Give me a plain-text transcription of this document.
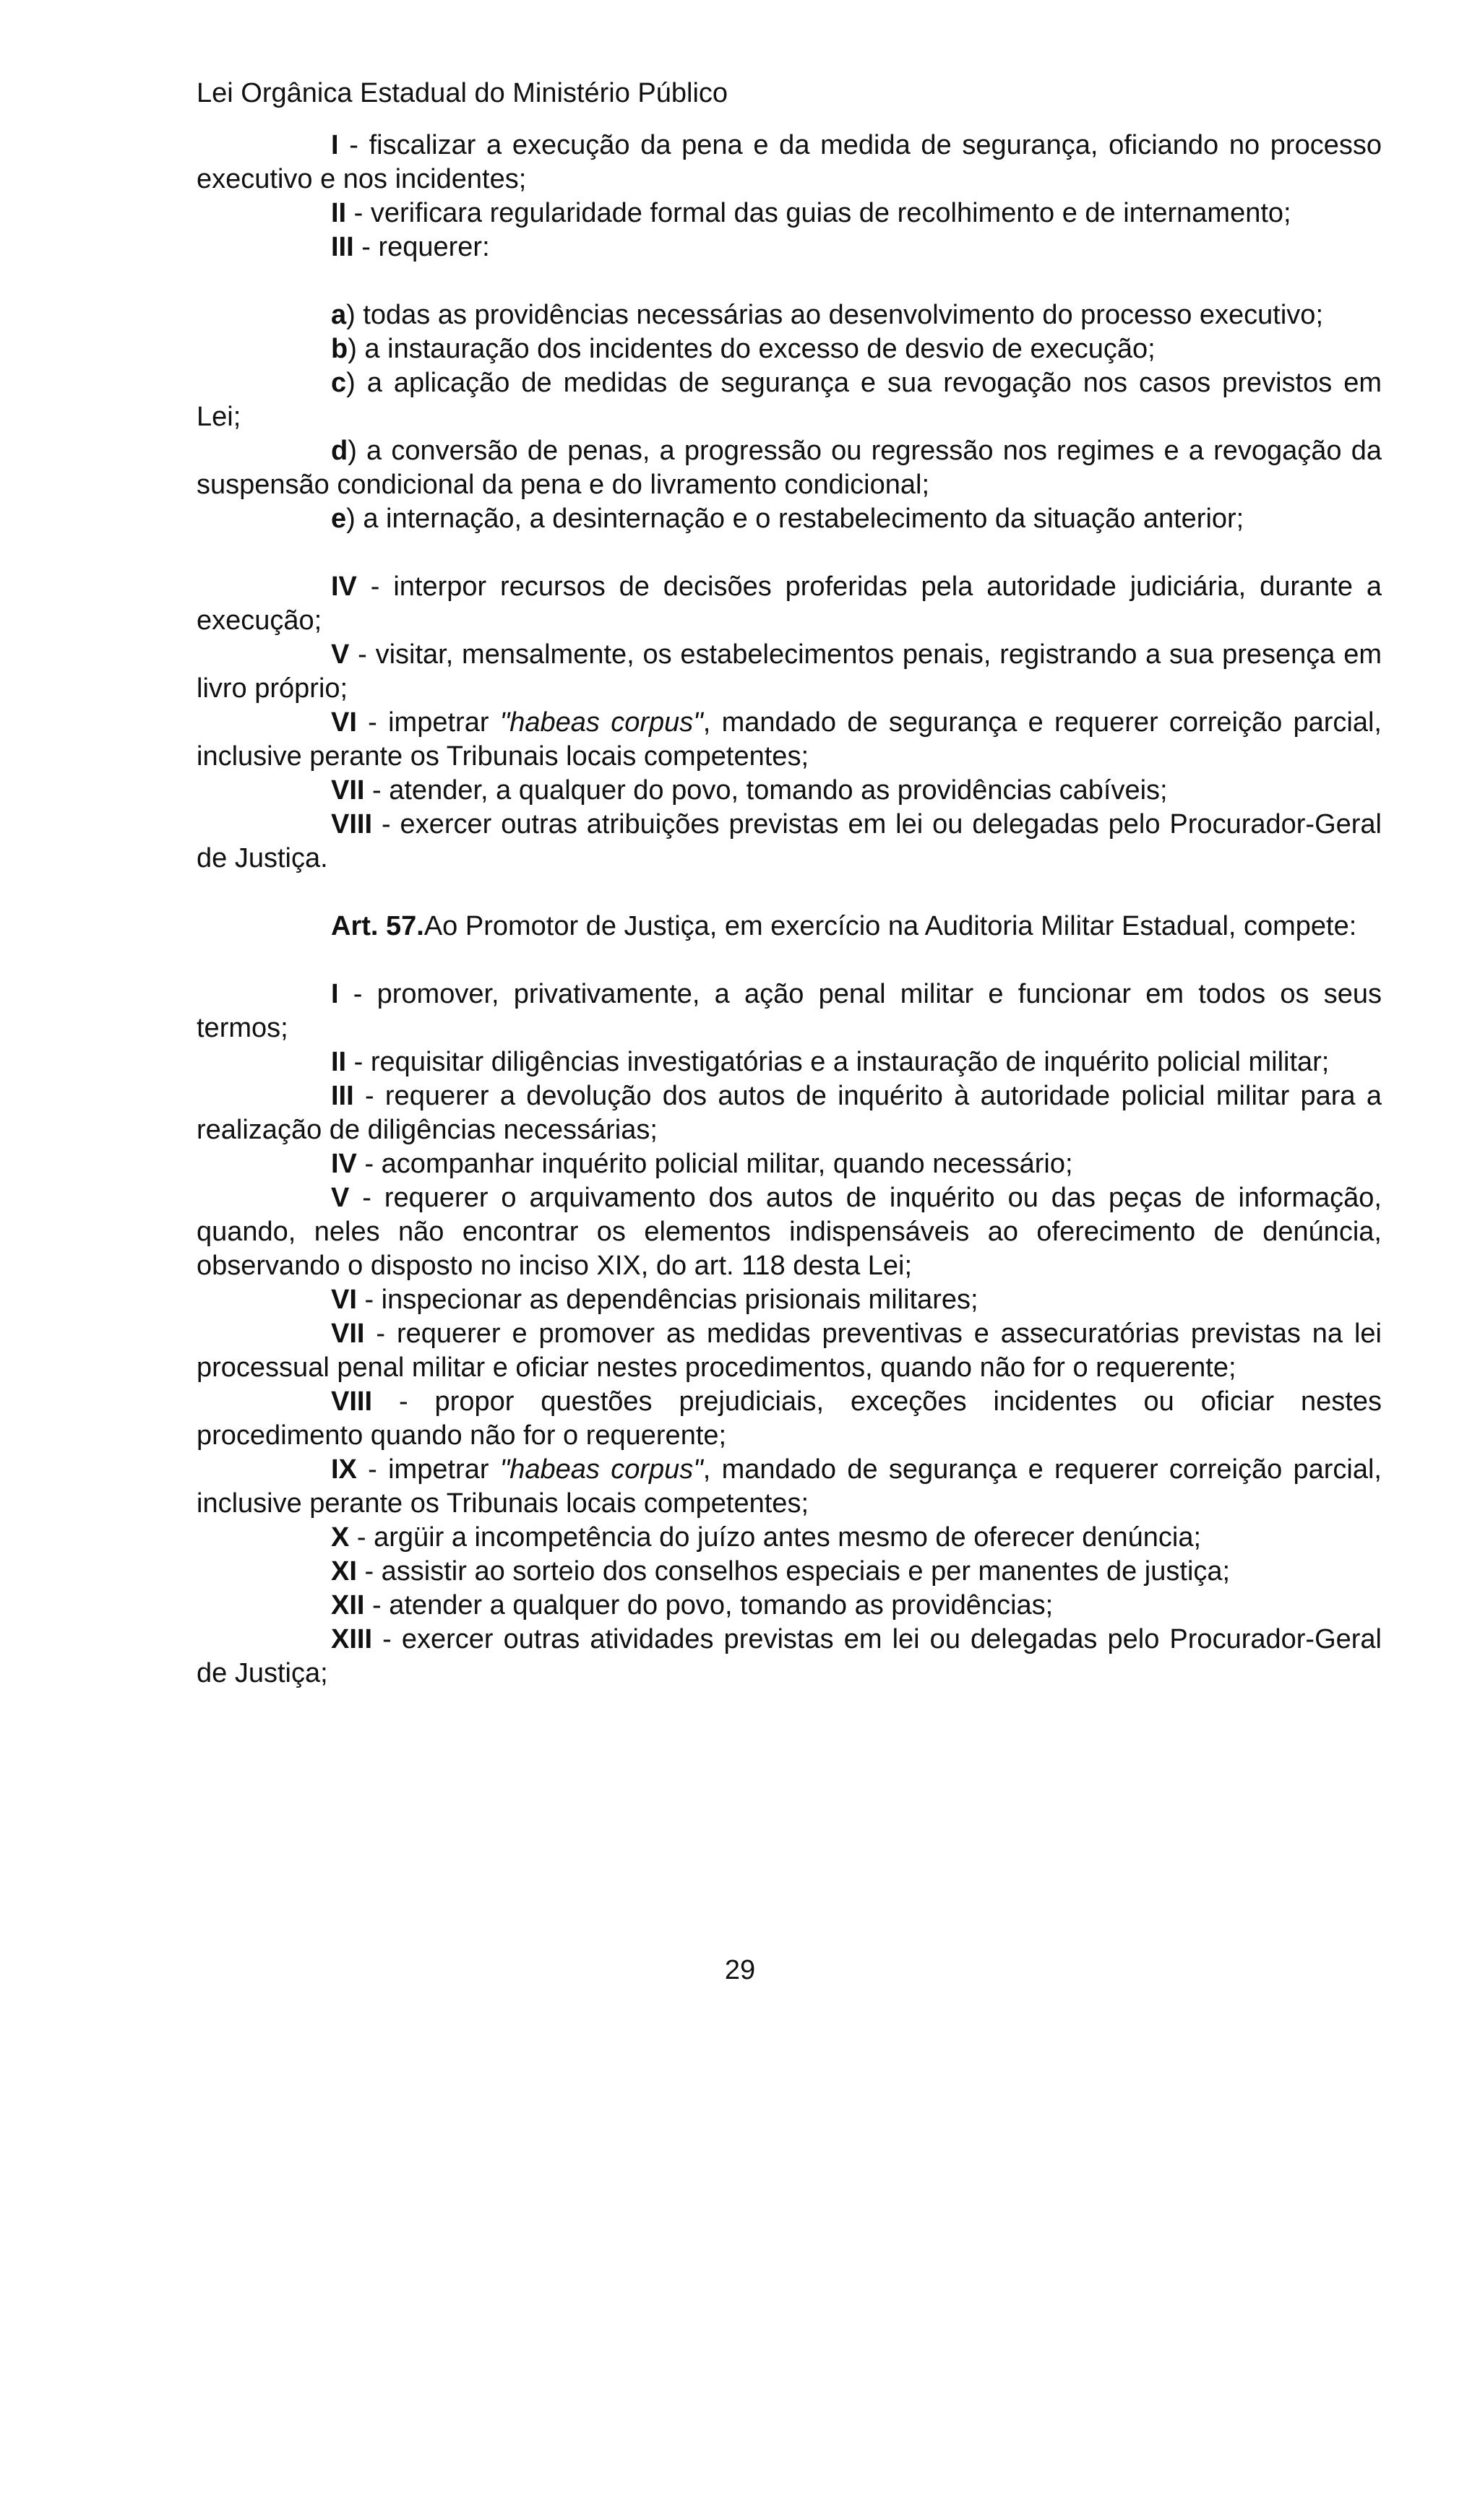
Lei Orgânica Estadual do Ministério Público

I - fiscalizar a execução da pena e da medida de segurança, oficiando no processo executivo e nos incidentes;

II - verificara regularidade formal das guias de recolhimento e de internamento;

III - requerer:

a) todas as providências necessárias ao desenvolvimento do processo executivo;

b) a instauração dos incidentes do excesso de desvio de execução;

c) a aplicação de medidas de segurança e sua revogação nos casos previstos em Lei;

d) a conversão de penas, a progressão ou regressão nos regimes e a revogação da suspensão condicional da pena e do livramento condicional;

e) a internação, a desinternação e o restabelecimento da situação anterior;

IV - interpor recursos de decisões proferidas pela autoridade judiciária, durante a execução;

V - visitar, mensalmente, os estabelecimentos penais, registrando a sua presença em livro próprio;

VI - impetrar "habeas corpus", mandado de segurança e requerer correição parcial, inclusive perante os Tribunais locais competentes;

VII - atender, a qualquer do povo, tomando as providências cabíveis;

VIII - exercer outras atribuições previstas em lei ou delegadas pelo Procurador-Geral de Justiça.

Art. 57.Ao Promotor de Justiça, em exercício na Auditoria Militar Estadual, compete:

I - promover, privativamente, a ação penal militar e funcionar em todos os seus termos;

II - requisitar diligências investigatórias e a instauração de inquérito policial militar;

III - requerer a devolução dos autos de inquérito à autoridade policial militar para a realização de diligências necessárias;

IV - acompanhar inquérito policial militar, quando necessário;

V - requerer o arquivamento dos autos de inquérito ou das peças de informação, quando, neles não encontrar os elementos indispensáveis ao oferecimento de denúncia, observando o disposto no inciso XIX, do art. 118 desta Lei;

VI - inspecionar as dependências prisionais militares;

VII - requerer e promover as medidas preventivas e assecuratórias previstas na lei processual penal militar e oficiar nestes procedimentos, quando não for o requerente;

VIII - propor questões prejudiciais, exceções incidentes ou oficiar nestes procedimento quando não for o requerente;

IX - impetrar "habeas corpus", mandado de segurança e requerer correição parcial, inclusive perante os Tribunais locais competentes;

X - argüir a incompetência do juízo antes mesmo de oferecer denúncia;

XI - assistir ao sorteio dos conselhos especiais e per manentes de justiça;

XII - atender a qualquer do povo, tomando as providências;

XIII - exercer outras atividades previstas em lei ou delegadas pelo Procurador-Geral de Justiça;

29
